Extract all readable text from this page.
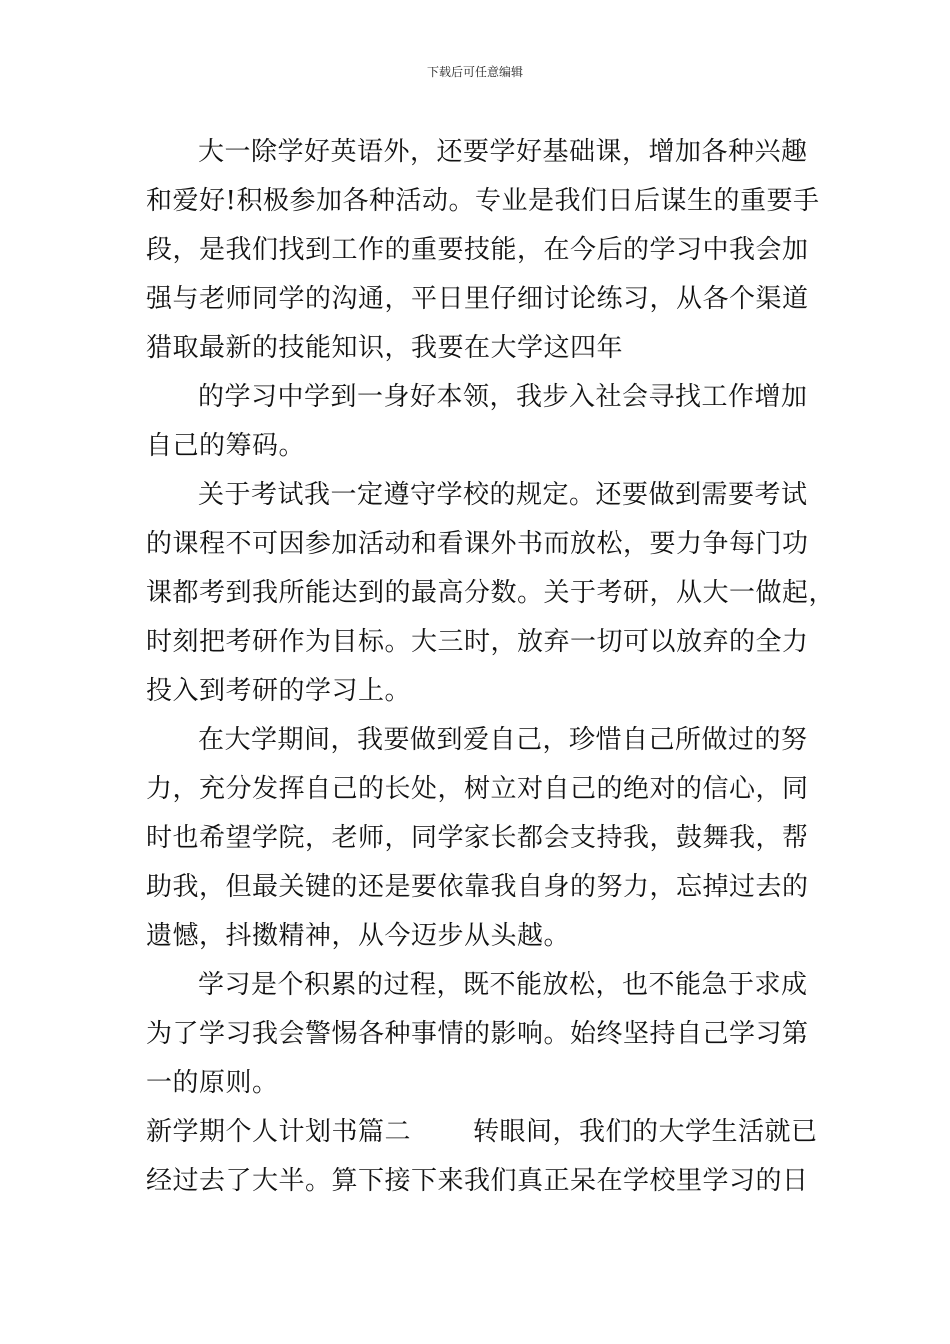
下载后可任意编辑
大一除学好英语外，还要学好基础课，增加各种兴趣
和爱好!积极参加各种活动。专业是我们日后谋生的重要手
段，是我们找到工作的重要技能，在今后的学习中我会加
强与老师同学的沟通，平日里仔细讨论练习，从各个渠道
猎取最新的技能知识，我要在大学这四年
的学习中学到一身好本领，我步入社会寻找工作增加
自己的筹码。
关于考试我一定遵守学校的规定。还要做到需要考试
的课程不可因参加活动和看课外书而放松，要力争每门功
课都考到我所能达到的最高分数。关于考研，从大一做起，
时刻把考研作为目标。大三时，放弃一切可以放弃的全力
投入到考研的学习上。
在大学期间，我要做到爱自己，珍惜自己所做过的努
力，充分发挥自己的长处，树立对自己的绝对的信心，同
时也希望学院，老师，同学家长都会支持我，鼓舞我，帮
助我，但最关键的还是要依靠我自身的努力，忘掉过去的
遗憾，抖擞精神，从今迈步从头越。
学习是个积累的过程，既不能放松，也不能急于求成
为了学习我会警惕各种事情的影响。始终坚持自己学习第
一的原则。
新学期个人计划书篇二 转眼间，我们的大学生活就已
经过去了大半。算下接下来我们真正呆在学校里学习的日
